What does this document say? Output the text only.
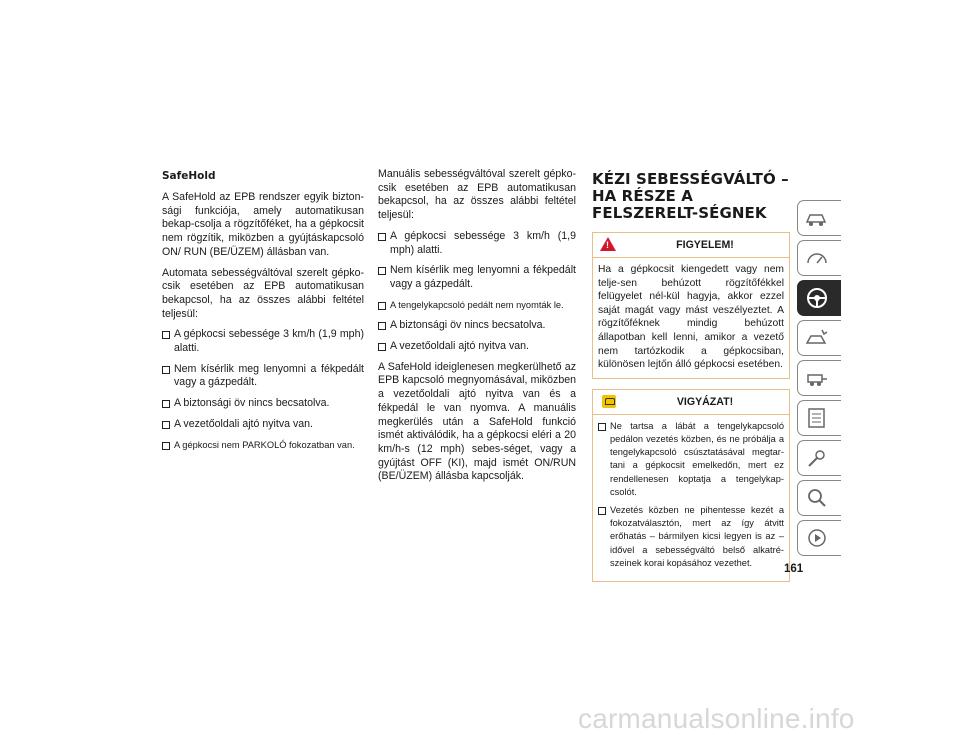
SafeHold

A SafeHold az EPB rendszer egyik bizton-sági funkciója, amely automatikusan bekap-csolja a rögzítőféket, ha a gépkocsit nem rögzítik, miközben a gyújtáskapcsoló ON/ RUN (BE/ÜZEM) állásban van.

Automata sebességváltóval szerelt gépko-csik esetében az EPB automatikusan bekapcsol, ha az összes alábbi feltétel teljesül:

A gépkocsi sebessége 3 km/h (1,9 mph) alatti.
Nem kísérlik meg lenyomni a fékpedált vagy a gázpedált.
A biztonsági öv nincs becsatolva.
A vezetőoldali ajtó nyitva van.
A gépkocsi nem PARKOLÓ fokozatban van.

Manuális sebességváltóval szerelt gépko-csik esetében az EPB automatikusan bekapcsol, ha az összes alábbi feltétel teljesül:

A gépkocsi sebessége 3 km/h (1,9 mph) alatti.
Nem kísérlik meg lenyomni a fékpedált vagy a gázpedált.
A tengelykapcsoló pedált nem nyomták le.
A biztonsági öv nincs becsatolva.
A vezetőoldali ajtó nyitva van.

A SafeHold ideiglenesen megkerülhető az EPB kapcsoló megnyomásával, miközben a vezetőoldali ajtó nyitva van és a fékpedál le van nyomva. A manuális megkerülés után a SafeHold funkció ismét aktiválódik, ha a gépkocsi eléri a 20 km/h-s (12 mph) sebes-séget, vagy a gyújtást OFF (KI), majd ismét ON/RUN (BE/ÜZEM) állásba kapcsolják.

KÉZI SEBESSÉGVÁLTÓ – HA RÉSZE A FELSZERELT-SÉGNEK
!	FIGYELEM!

Ha a gépkocsit kiengedett vagy nem telje-sen behúzott rögzítőfékkel felügyelet nél-kül hagyja, akkor ezzel saját magát vagy mást veszélyeztet. A rögzítőféknek mindig behúzott állapotban kell lenni, amikor a vezető nem tartózkodik a gépkocsiban, különösen lejtőn álló gépkocsi esetében.

VIGYÁZAT!
Ne tartsa a lábát a tengelykapcsoló pedálon vezetés közben, és ne próbálja a tengelykapcsoló csúsztatásával megtar-tani a gépkocsit emelkedőn, mert ez rendellenesen koptatja a tengelykap-csolót.
Vezetés közben ne pihentesse kezét a fokozatválasztón, mert az így átvitt erőhatás – bármilyen kicsi legyen is az – idővel a sebességváltó belső alkatré-szeinek korai kopásához vezethet.
161
carmanualsonline.info
